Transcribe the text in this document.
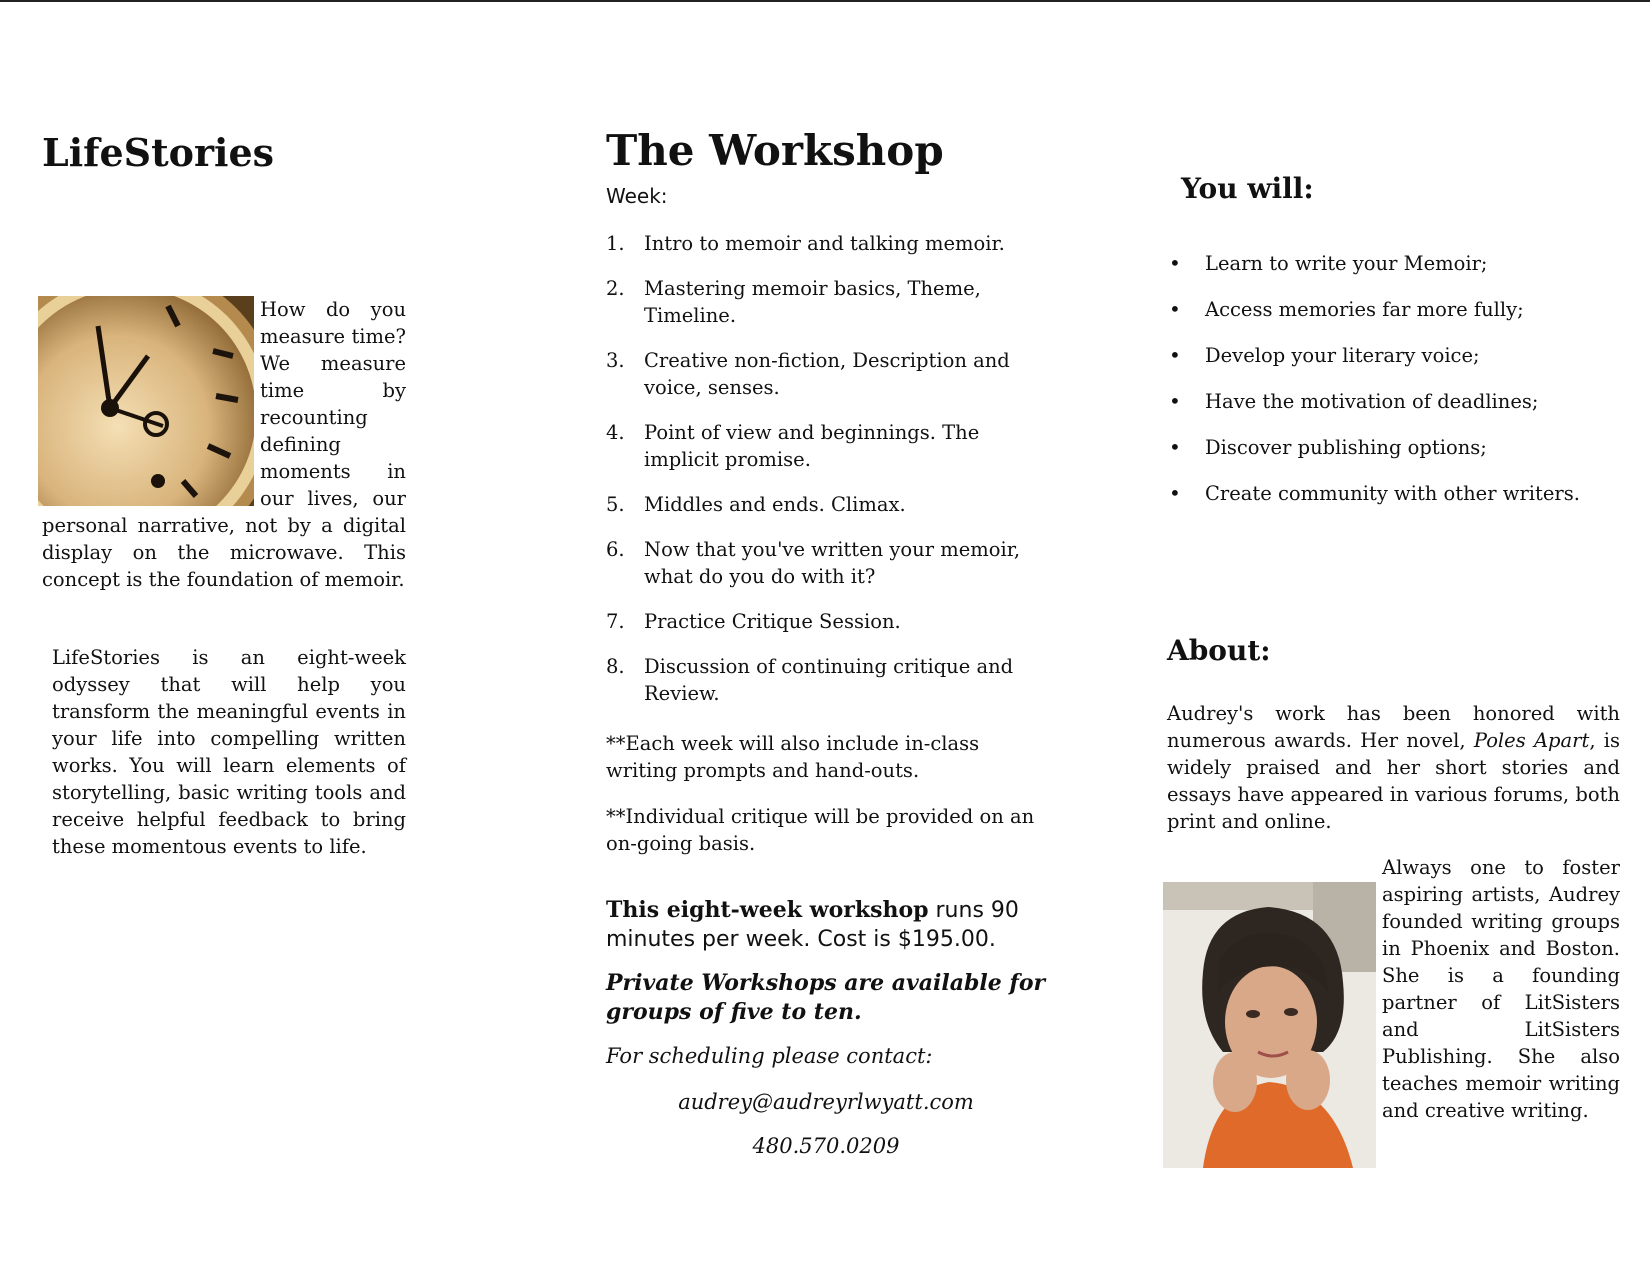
LifeStories
How do you measure time? We measure time by recounting defining moments in our lives, our personal narrative, not by a digital display on the microwave. This concept is the foundation of memoir.

LifeStories is an eight-week odyssey that will help you transform the meaningful events in your life into compelling written works. You will learn elements of storytelling, basic writing tools and receive helpful feedback to bring these momentous events to life.

The Workshop
Week:
1. Intro to memoir and talking memoir.
2. Mastering memoir basics, Theme, Timeline.
3. Creative non-fiction, Description and voice, senses.
4. Point of view and beginnings. The implicit promise.
5. Middles and ends. Climax.
6. Now that you've written your memoir, what do you do with it?
7. Practice Critique Session.
8. Discussion of continuing critique and Review.

**Each week will also include in-class writing prompts and hand-outs.

**Individual critique will be provided on an on-going basis.

This eight-week workshop runs 90 minutes per week. Cost is $195.00.

Private Workshops are available for groups of five to ten.

For scheduling please contact:

audrey@audreyrlwyatt.com

480.570.0209

You will:
• Learn to write your Memoir;
• Access memories far more fully;
• Develop your literary voice;
• Have the motivation of deadlines;
• Discover publishing options;
• Create community with other writers.
About:

Audrey's work has been honored with numerous awards. Her novel, Poles Apart, is widely praised and her short stories and essays have appeared in various forums, both print and online.

Always one to foster aspiring artists, Audrey founded writing groups in Phoenix and Boston. She is a founding partner of LitSisters and LitSisters Publishing. She also teaches memoir writing and creative writing.
